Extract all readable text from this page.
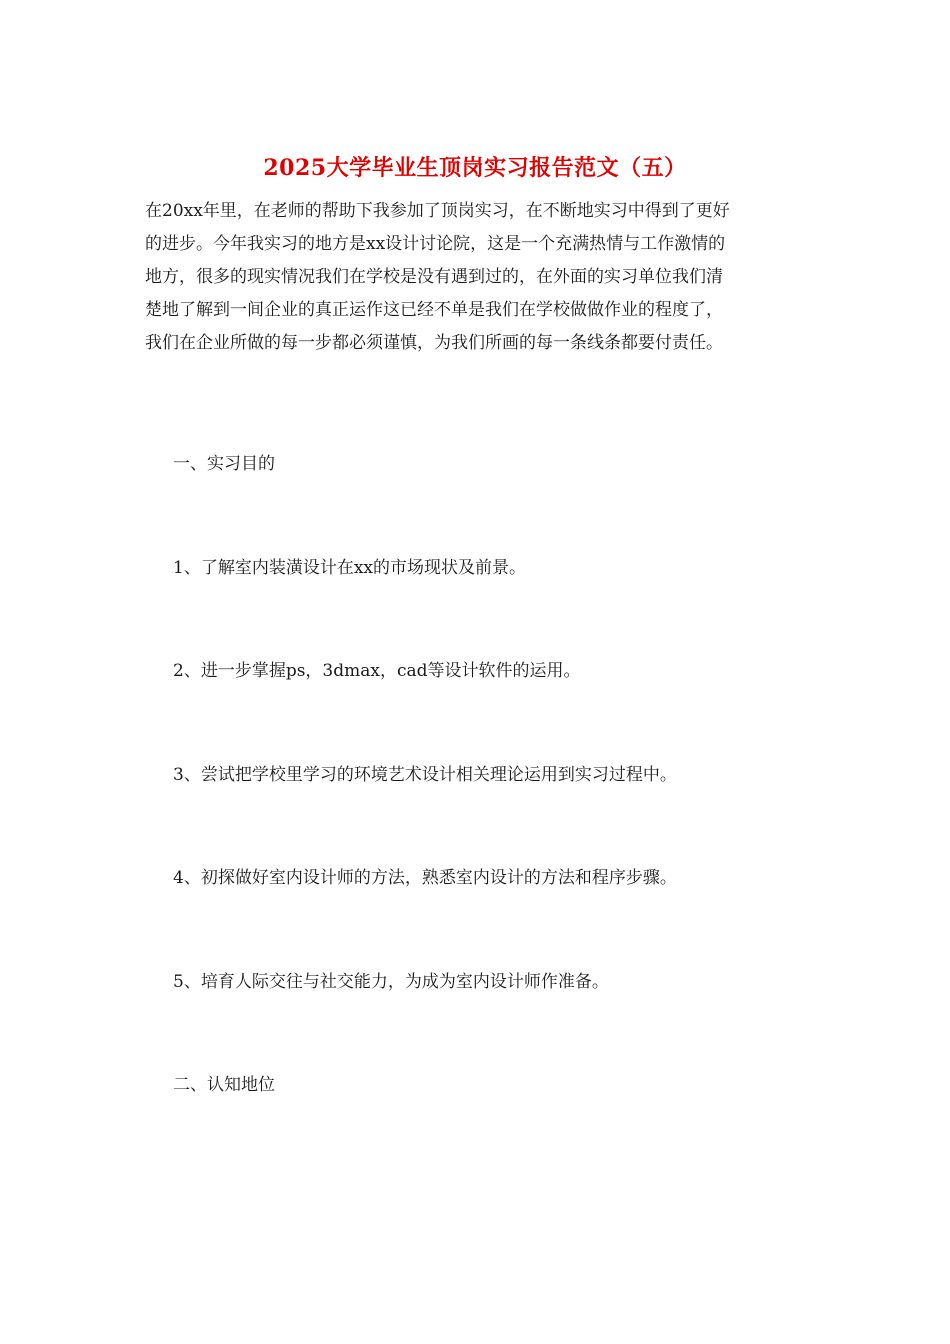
2025大学毕业生顶岗实习报告范文（五）
在20xx年里，在老师的帮助下我参加了顶岗实习，在不断地实习中得到了更好
的进步。今年我实习的地方是xx设计讨论院，这是一个充满热情与工作激情的
地方，很多的现实情况我们在学校是没有遇到过的，在外面的实习单位我们清
楚地了解到一间企业的真正运作这已经不单是我们在学校做做作业的程度了，
我们在企业所做的每一步都必须谨慎，为我们所画的每一条线条都要付责任。
一、实习目的
1、了解室内装潢设计在xx的市场现状及前景。
2、进一步掌握ps，3dmax，cad等设计软件的运用。
3、尝试把学校里学习的环境艺术设计相关理论运用到实习过程中。
4、初探做好室内设计师的方法，熟悉室内设计的方法和程序步骤。
5、培育人际交往与社交能力，为成为室内设计师作准备。
二、认知地位
